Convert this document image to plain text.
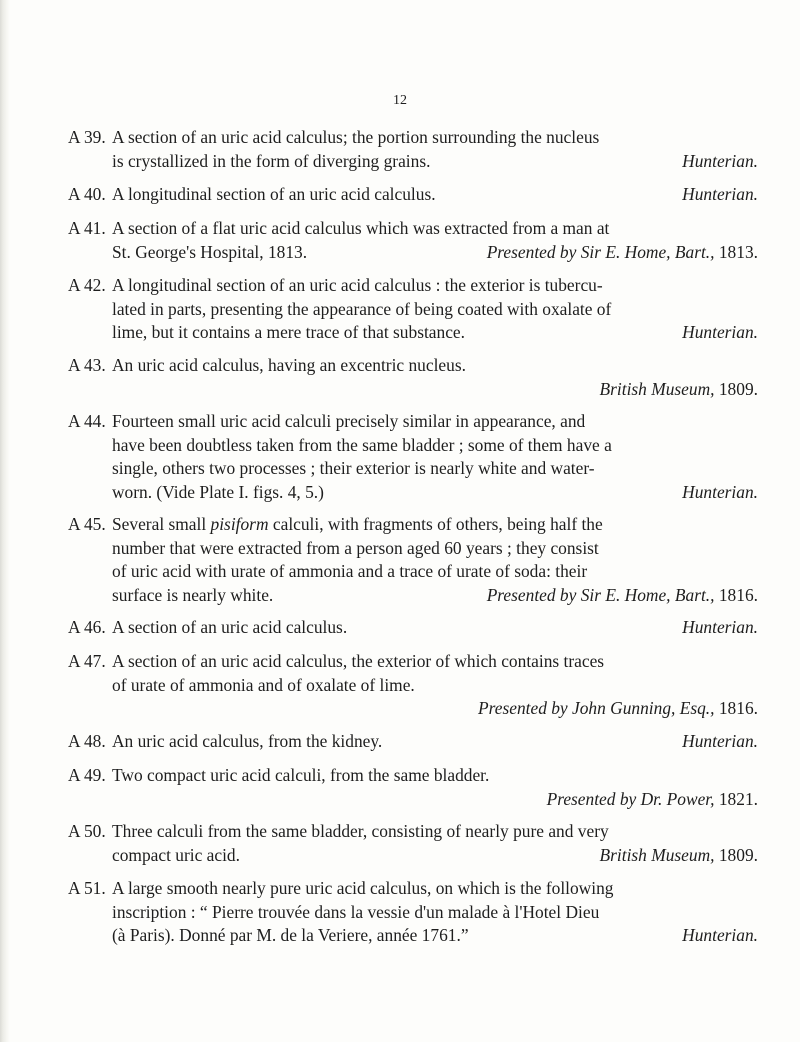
12
A 39. A section of an uric acid calculus; the portion surrounding the nucleus
is crystallized in the form of diverging grains.	Hunterian.
A 40. A longitudinal section of an uric acid calculus.	Hunterian.
A 41. A section of a flat uric acid calculus which was extracted from a man at
St. George's Hospital, 1813.	Presented by Sir E. Home, Bart., 1813.
A 42. A longitudinal section of an uric acid calculus : the exterior is tubercu-
lated in parts, presenting the appearance of being coated with oxalate of
lime, but it contains a mere trace of that substance.	Hunterian.
A 43. An uric acid calculus, having an excentric nucleus.
British Museum, 1809.
A 44. Fourteen small uric acid calculi precisely similar in appearance, and
have been doubtless taken from the same bladder ; some of them have a
single, others two processes ; their exterior is nearly white and water-
worn. (Vide Plate I. figs. 4, 5.)	Hunterian.
A 45. Several small pisiform calculi, with fragments of others, being half the
number that were extracted from a person aged 60 years ; they consist
of uric acid with urate of ammonia and a trace of urate of soda: their
surface is nearly white.	Presented by Sir E. Home, Bart., 1816.
A 46. A section of an uric acid calculus.	Hunterian.
A 47. A section of an uric acid calculus, the exterior of which contains traces
of urate of ammonia and of oxalate of lime.
Presented by John Gunning, Esq., 1816.
A 48. An uric acid calculus, from the kidney.	Hunterian.
A 49. Two compact uric acid calculi, from the same bladder.
Presented by Dr. Power, 1821.
A 50. Three calculi from the same bladder, consisting of nearly pure and very
compact uric acid.	British Museum, 1809.
A 51. A large smooth nearly pure uric acid calculus, on which is the following
inscription : “ Pierre trouvée dans la vessie d'un malade à l'Hotel Dieu
(à Paris). Donné par M. de la Veriere, année 1761.”	Hunterian.
